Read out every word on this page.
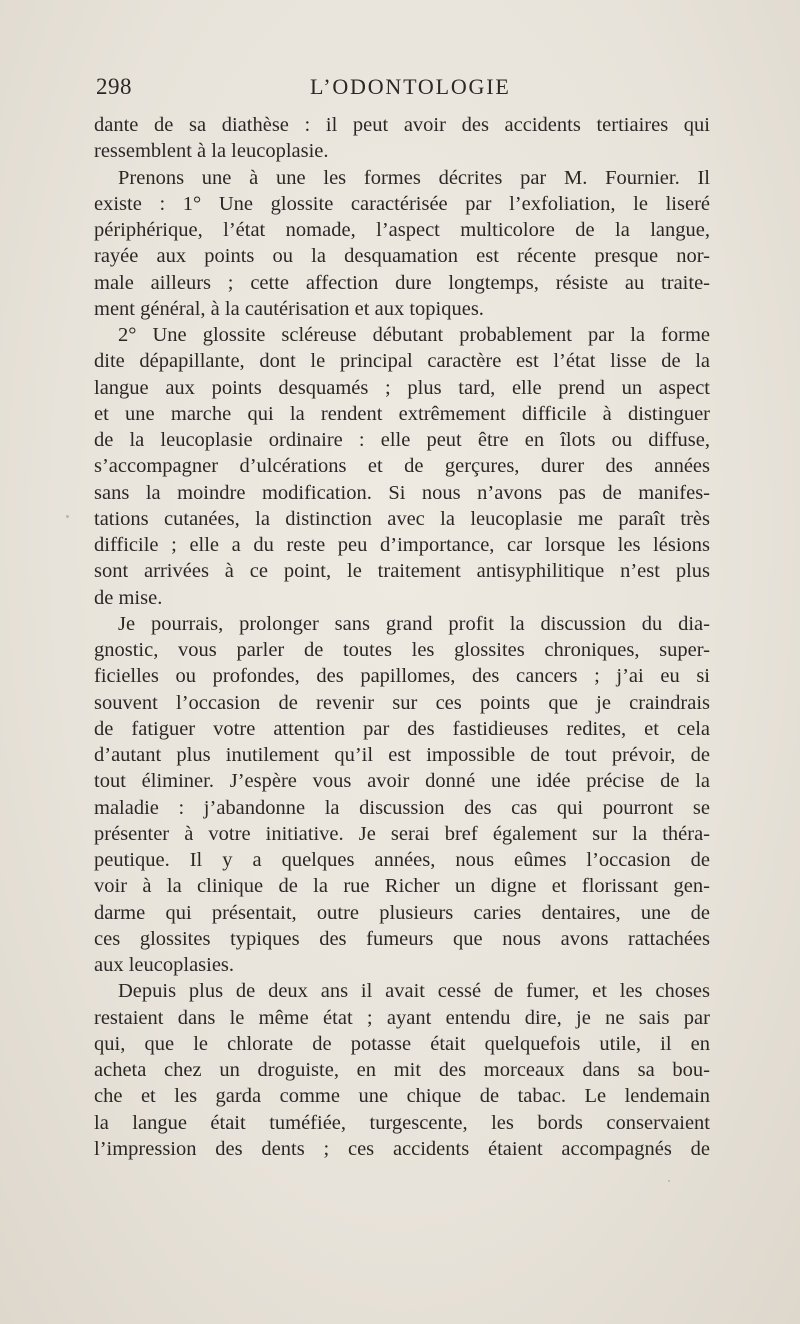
298	L’ODONTOLOGIE
dante de sa diathèse : il peut avoir des accidents tertiaires qui
ressemblent à la leucoplasie.
Prenons une à une les formes décrites par M. Fournier. Il
existe : 1° Une glossite caractérisée par l’exfoliation, le liseré
périphérique, l’état nomade, l’aspect multicolore de la langue,
rayée aux points ou la desquamation est récente presque nor-
male ailleurs ; cette affection dure longtemps, résiste au traite-
ment général, à la cautérisation et aux topiques.
2° Une glossite scléreuse débutant probablement par la forme
dite dépapillante, dont le principal caractère est l’état lisse de la
langue aux points desquamés ; plus tard, elle prend un aspect
et une marche qui la rendent extrêmement difficile à distinguer
de la leucoplasie ordinaire : elle peut être en îlots ou diffuse,
s’accompagner d’ulcérations et de gerçures, durer des années
sans la moindre modification. Si nous n’avons pas de manifes-
tations cutanées, la distinction avec la leucoplasie me paraît très
difficile ; elle a du reste peu d’importance, car lorsque les lésions
sont arrivées à ce point, le traitement antisyphilitique n’est plus
de mise.
Je pourrais, prolonger sans grand profit la discussion du dia-
gnostic, vous parler de toutes les glossites chroniques, super-
ficielles ou profondes, des papillomes, des cancers ; j’ai eu si
souvent l’occasion de revenir sur ces points que je craindrais
de fatiguer votre attention par des fastidieuses redites, et cela
d’autant plus inutilement qu’il est impossible de tout prévoir, de
tout éliminer. J’espère vous avoir donné une idée précise de la
maladie : j’abandonne la discussion des cas qui pourront se
présenter à votre initiative. Je serai bref également sur la théra-
peutique. Il y a quelques années, nous eûmes l’occasion de
voir à la clinique de la rue Richer un digne et florissant gen-
darme qui présentait, outre plusieurs caries dentaires, une de
ces glossites typiques des fumeurs que nous avons rattachées
aux leucoplasies.
Depuis plus de deux ans il avait cessé de fumer, et les choses
restaient dans le même état ; ayant entendu dire, je ne sais par
qui, que le chlorate de potasse était quelquefois utile, il en
acheta chez un droguiste, en mit des morceaux dans sa bou-
che et les garda comme une chique de tabac. Le lendemain
la langue était tuméfiée, turgescente, les bords conservaient
l’impression des dents ; ces accidents étaient accompagnés de
